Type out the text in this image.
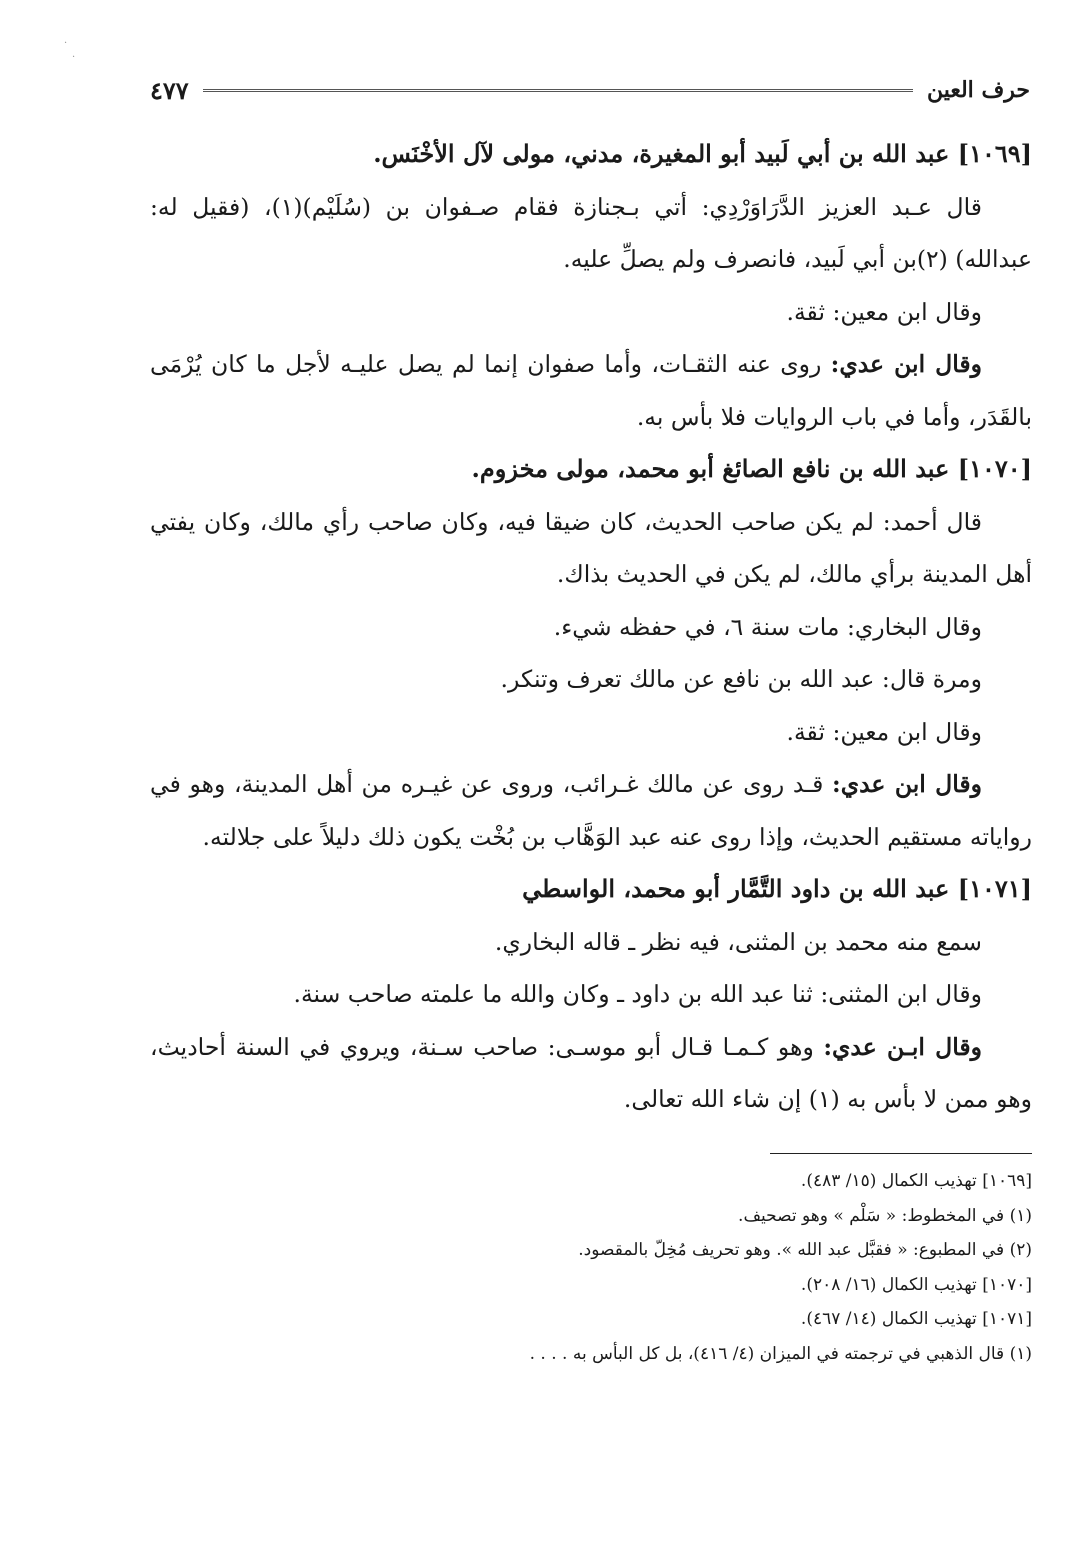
·
·
حرف العين
٤٧٧

[١٠٦٩] عبد الله بن أبي لَبيد أبو المغيرة، مدني، مولى لآل الأخْنَس.

قال عـبد العزيز الدَّرَاوَرْدِي: أتي بـجنازة فقام صـفوان بن (سُلَيْم)(١)، (فقيل له: عبدالله) (٢)بن أبي لَبيد، فانصرف ولم يصلِّ عليه.

وقال ابن معين: ثقة.

وقال ابن عدي: روى عنه الثقـات، وأما صفوان إنما لم يصل عليـه لأجل ما كان يُرْمَى بالقَدَر، وأما في باب الروايات فلا بأس به.

[١٠٧٠] عبد الله بن نافع الصائغ أبو محمد، مولى مخزوم.

قال أحمد: لم يكن صاحب الحديث، كان ضيقا فيه، وكان صاحب رأي مالك، وكان يفتي أهل المدينة برأي مالك، لم يكن في الحديث بذاك.

وقال البخاري: مات سنة ٦، في حفظه شيء.

ومرة قال: عبد الله بن نافع عن مالك تعرف وتنكر.

وقال ابن معين: ثقة.

وقال ابن عدي: قـد روى عن مالك غـرائب، وروى عن غيـره من أهل المدينة، وهو في رواياته مستقيم الحديث، وإذا روى عنه عبد الوَهَّاب بن بُخْت يكون ذلك دليلاً على جلالته.

[١٠٧١] عبد الله بن داود التَّمَّار أبو محمد، الواسطي

سمع منه محمد بن المثنى، فيه نظر ـ قاله البخاري.

وقال ابن المثنى: ثنا عبد الله بن داود ـ وكان والله ما علمته صاحب سنة.

وقال ابـن عدي: وهو كـمـا قـال أبو موسـى: صاحب سـنة، ويروي في السنة أحاديث، وهو ممن لا بأس به (١) إن شاء الله تعالى.

[١٠٦٩] تهذيب الكمال (١٥/ ٤٨٣).

(١) في المخطوط: « سَلْم » وهو تصحيف.

(٢) في المطبوع: « فقبَّل عبد الله ». وهو تحريف مُخِلّ بالمقصود.

[١٠٧٠] تهذيب الكمال (١٦/ ٢٠٨).

[١٠٧١] تهذيب الكمال (١٤/ ٤٦٧).

(١) قال الذهبي في ترجمته في الميزان (٤/ ٤١٦)، بل كل البأس به . . . .
